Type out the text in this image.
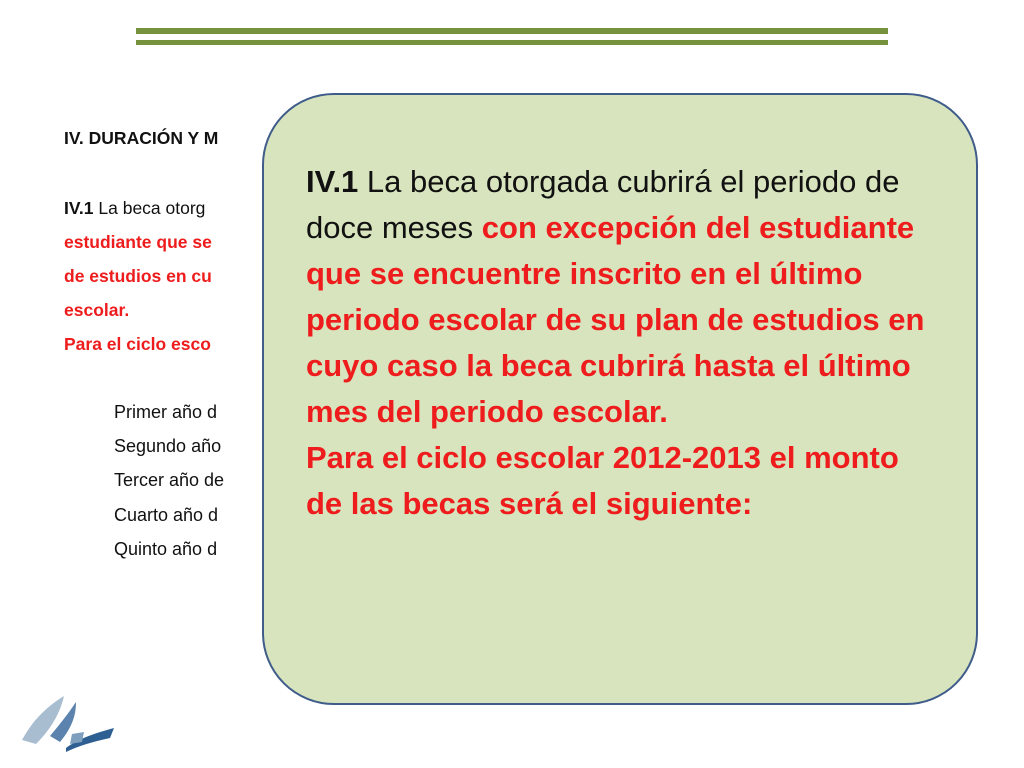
IV. DURACIÓN Y M
IV.1 La beca otorg
estudiante que se
de estudios en cu
escolar.
Para el ciclo esco
Primer año d
Segundo año
Tercer año de
Cuarto año d
Quinto año d

IV.1 La beca otorgada cubrirá el periodo de doce meses con excepción del estudiante que se encuentre inscrito en el último periodo escolar de su plan de estudios en cuyo caso la beca cubrirá hasta el último mes del periodo escolar.

Para el ciclo escolar 2012-2013 el monto de las becas será el siguiente:
